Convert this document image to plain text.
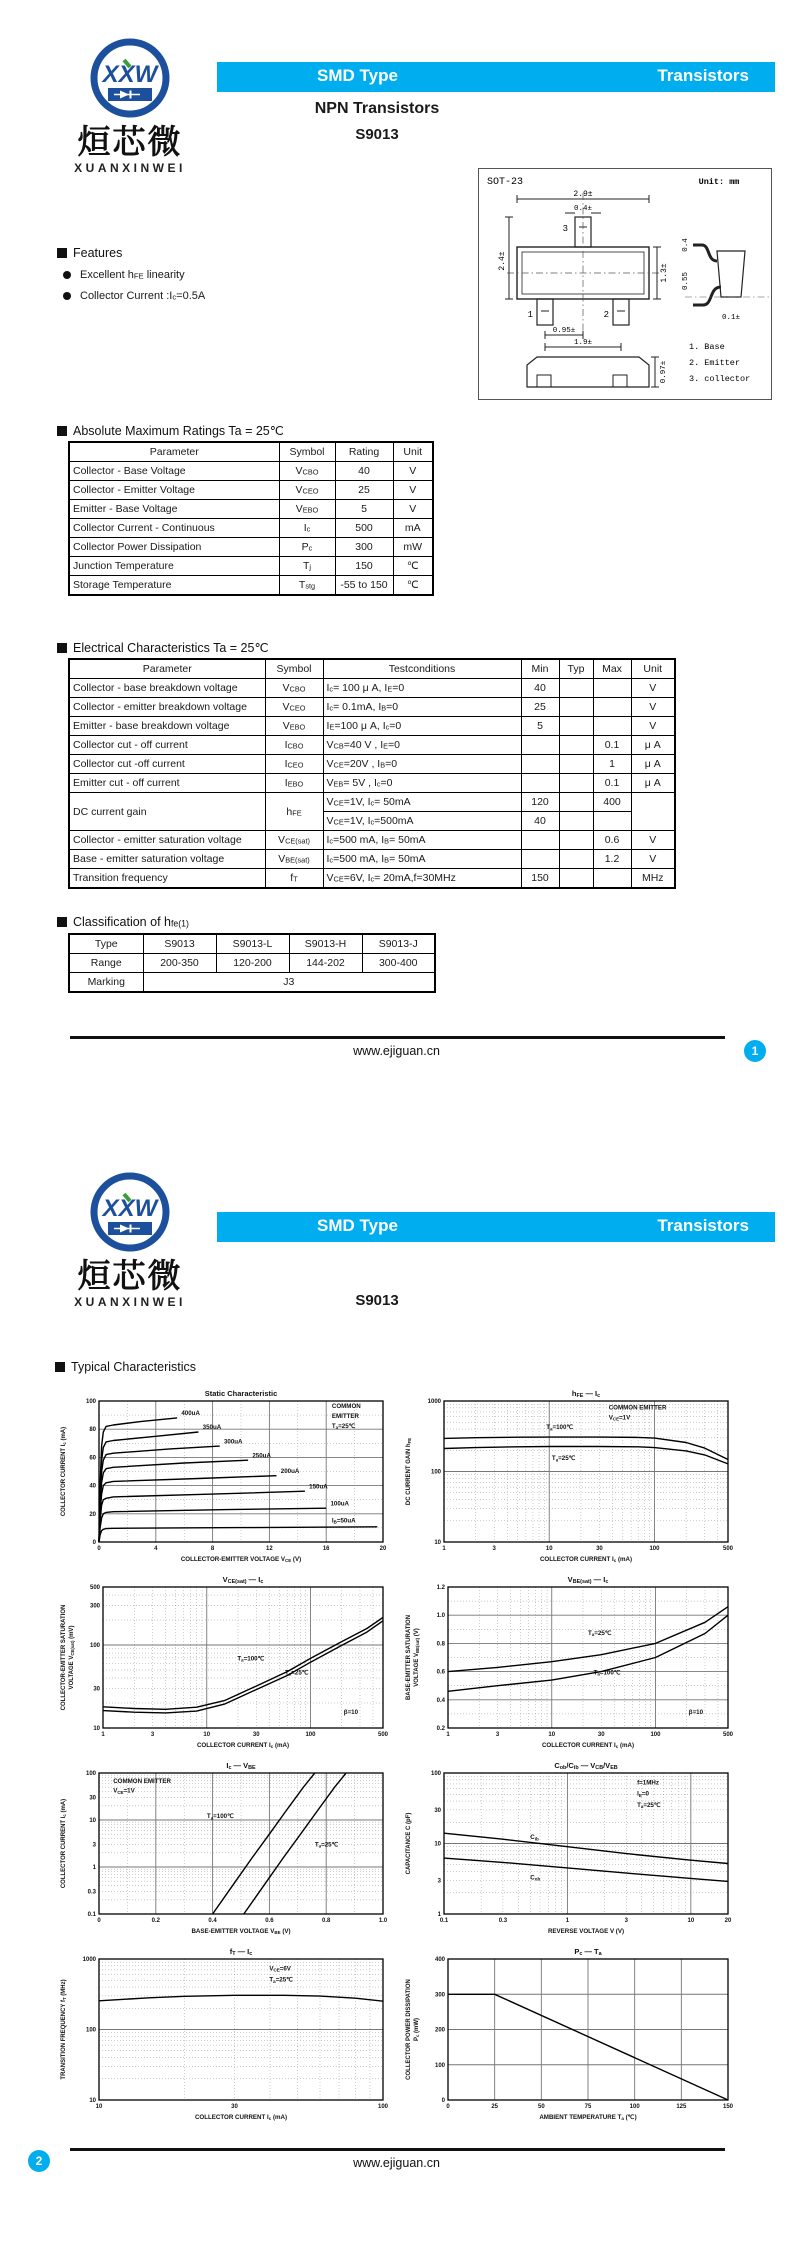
XXW
烜芯微
XUANXINWEI
SMD Type	Transistors
NPN Transistors
S9013
SOT-23	Unit: mm
2.9±
0.4±
3
1	2
2.4±
1.3±
0.95±
1.9±
0.4
0.55
0.1±
0.97±
1. Base
2. Emitter
3. collector
Features
Excellent $h_{FE}$ linearity
Collector Current $:I_c=0.5A$
Absolute Maximum Ratings Ta = 25℃
Parameter	Symbol	Rating	Unit
Collector - Base Voltage	$V_{CBO}$	40	V
Collector - Emitter Voltage	$V_{CEO}$	25	V
Emitter - Base Voltage	$V_{EBO}$	5	V
Collector Current - Continuous	$I_c$	500	mA
Collector Power Dissipation	$P_c$	300	mW
Junction Temperature	$T_j$	150	℃
Storage Temperature	$T_{stg}$	-55 to 150	℃
Electrical Characteristics Ta = 25℃
Parameter	Symbol	Testconditions	Min	Typ	Max	Unit
Collector - base breakdown voltage	$V_{CBO}$	$I_c= 100$ μ A, $I_E=0$	40			V
Collector - emitter breakdown voltage	$V_{CEO}$	$I_c= 0.1mA$, $I_B=0$	25			V
Emitter - base breakdown voltage	$V_{EBO}$	$I_E=100$ μ A, $I_c=0$	5			V
Collector cut - off current	$I_{CBO}$	$V_{CB}=40$ V , $I_E=0$			0.1	μ A
Collector cut -off current	$I_{CEO}$	$V_{CE}=20V$ , $I_B=0$			1	μ A
Emitter cut - off current	$I_{EBO}$	$V_{EB}= 5V$ , $I_c=0$			0.1	μ A
DC current gain	$h_{FE}$	$V_{CE}=1V$, $I_c= 50mA$	120		400	
		$V_{CE}=1V$, $I_c=500mA$	40			
Collector - emitter saturation voltage	$V_{CE(sat)}$	$I_c=500$ mA, $I_B= 50mA$			0.6	V
Base - emitter saturation voltage	$V_{BE(sat)}$	$I_c=500$ mA, $I_B= 50mA$			1.2	V
Transition frequency	$f_T$	$V_{CE}=6V$, $I_c= 20mA,f=30MHz$	150			MHz
Classification of $h_{fe(1)}$
Type	S9013	S9013-L	S9013-H	S9013-J
Range	200-350	120-200	144-202	300-400
Marking	J3			
www.ejiguan.cn	1
XXW
烜芯微
XUANXINWEI
SMD Type	Transistors
S9013
Typical Characteristics
0	4	8	12	16	20
0
20
40
60
80
100
Static Characteristic
COLLECTOR-EMITTER VOLTAGE VCE (V)
COLLECTOR CURRENT Ic (mA)
COMMON
EMITTER
Ta=25℃
400uA
350uA
300uA
250uA
200uA
150uA
100uA
IB=50uA
1	3	10	30	100	500
10
100
1000
hFE — Ic
COLLECTOR CURRENT Ic (mA)
DC CURRENT GAIN hFE
COMMON EMITTER
VCE=1V
Ta=100℃
Ta=25℃
1	3	10	30	100	500
10
30
100
300
500
VCE(sat) — Ic
COLLECTOR CURRENT Ic (mA)
COLLECTOR-EMITTER SATURATION VOLTAGE VCE(sat) (mV)
Ta=100℃
Ta=25℃
β=10
1	3	10	30	100	500
0.2
0.4
0.6
0.8
1.0
1.2
VBE(sat) — Ic
COLLECTOR CURRENT Ic (mA)
BASE-EMITTER SATURATION VOLTAGE VBE(sat) (V)	Ta=25℃
Ta=100℃
β=10
0	0.2	0.4	0.6	0.8	1.0
0.1
0.3
1
3
10
30
100
Ic — VBE
BASE-EMITTER VOLTAGE VBE (V)
COLLECTOR CURRENT Ic (mA)
COMMON EMITTER
VCE=1V
Ta=100℃
Ta=25℃
0.1	0.3	1	3	10	20
1
3
10
30
100
Cob/Cib — VCB/VEB
REVERSE VOLTAGE V (V)
CAPACITANCE C (pF)
f=1MHz
IE=0
Ta=25℃
Cib
Cob
10	30	100
10
100
1000
fT — Ic
COLLECTOR CURRENT Ic (mA)
TRANSITION FREQUENCY fT (MHz)
VCE=6V
Ta=25℃
0	25	50	75	100	125	150
0
100
200
300
400
Pc — Ta
AMBIENT TEMPERATURE Ta (℃)
COLLECTOR POWER DISSIPATION Pc (mW)
www.ejiguan.cn
2
